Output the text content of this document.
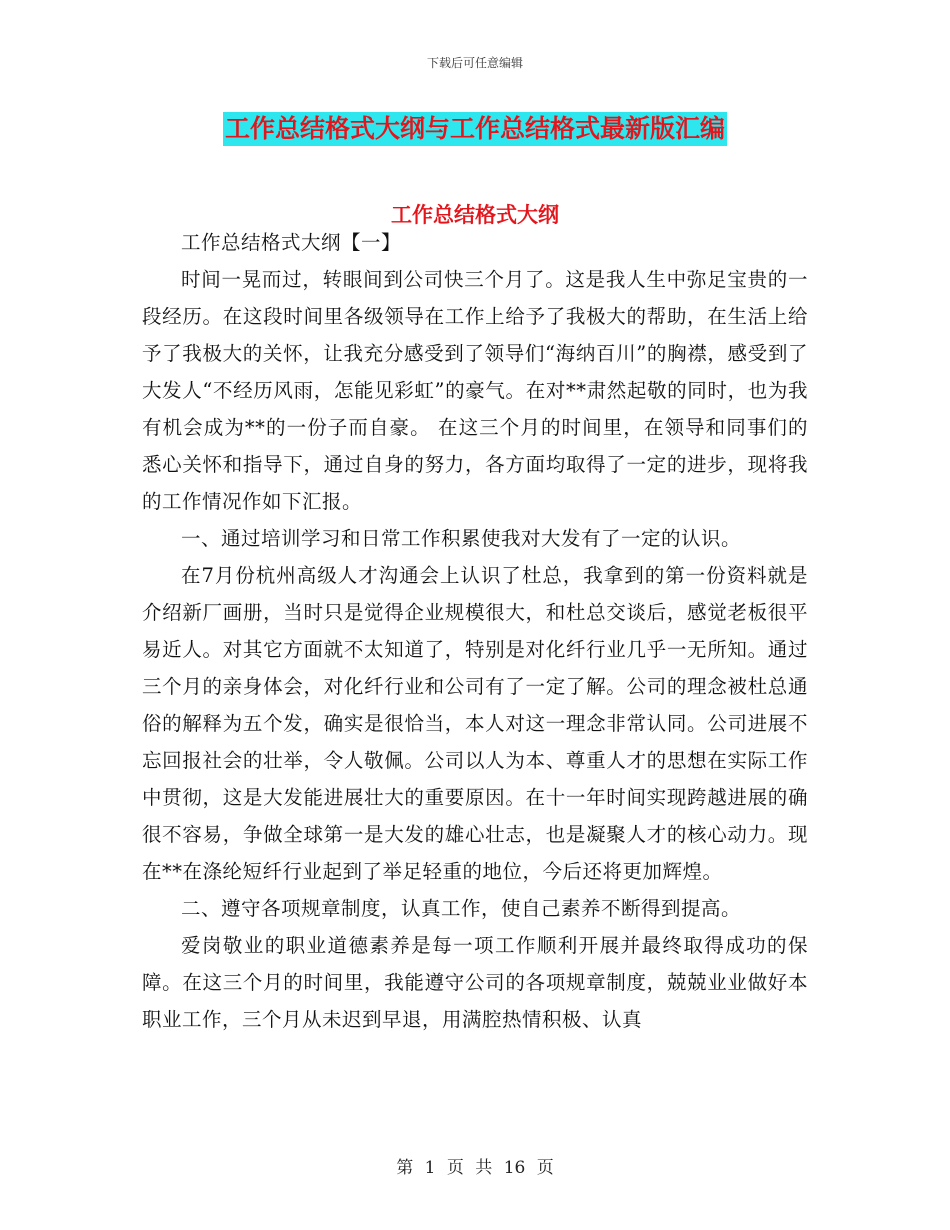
下载后可任意编辑
工作总结格式大纲与工作总结格式最新版汇编
工作总结格式大纲

工作总结格式大纲【一】

时间一晃而过，转眼间到公司快三个月了。这是我人生中弥足宝贵的一段经历。在这段时间里各级领导在工作上给予了我极大的帮助，在生活上给予了我极大的关怀，让我充分感受到了领导们“海纳百川”的胸襟，感受到了大发人“不经历风雨，怎能见彩虹”的豪气。在对**肃然起敬的同时，也为我有机会成为**的一份子而自豪。 在这三个月的时间里，在领导和同事们的悉心关怀和指导下，通过自身的努力，各方面均取得了一定的进步，现将我的工作情况作如下汇报。

一、通过培训学习和日常工作积累使我对大发有了一定的认识。

在7月份杭州高级人才沟通会上认识了杜总，我拿到的第一份资料就是介绍新厂画册，当时只是觉得企业规模很大，和杜总交谈后，感觉老板很平易近人。对其它方面就不太知道了，特别是对化纤行业几乎一无所知。通过三个月的亲身体会，对化纤行业和公司有了一定了解。公司的理念被杜总通俗的解释为五个发，确实是很恰当，本人对这一理念非常认同。公司进展不忘回报社会的壮举，令人敬佩。公司以人为本、尊重人才的思想在实际工作中贯彻，这是大发能进展壮大的重要原因。在十一年时间实现跨越进展的确很不容易，争做全球第一是大发的雄心壮志，也是凝聚人才的核心动力。现在**在涤纶短纤行业起到了举足轻重的地位，今后还将更加辉煌。

二、遵守各项规章制度，认真工作，使自己素养不断得到提高。

爱岗敬业的职业道德素养是每一项工作顺利开展并最终取得成功的保障。在这三个月的时间里，我能遵守公司的各项规章制度，兢兢业业做好本职业工作，三个月从未迟到早退，用满腔热情积极、认真

第 1 页 共 16 页
